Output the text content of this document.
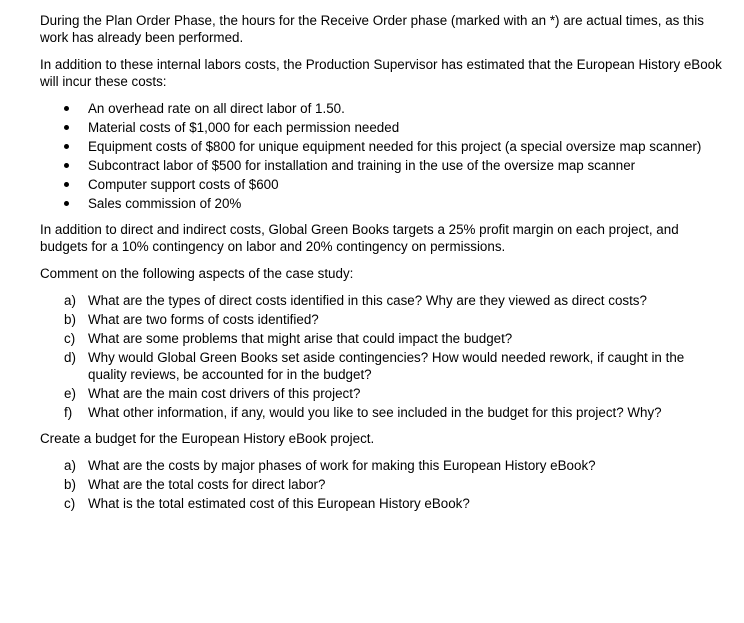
During the Plan Order Phase, the hours for the Receive Order phase (marked with an *) are actual times, as this work has already been performed.

In addition to these internal labors costs, the Production Supervisor has estimated that the European History eBook will incur these costs:

An overhead rate on all direct labor of 1.50.
Material costs of $1,000 for each permission needed
Equipment costs of $800 for unique equipment needed for this project (a special oversize map scanner)
Subcontract labor of $500 for installation and training in the use of the oversize map scanner
Computer support costs of $600
Sales commission of 20%

In addition to direct and indirect costs, Global Green Books targets a 25% profit margin on each project, and budgets for a 10% contingency on labor and 20% contingency on permissions.

Comment on the following aspects of the case study:

a) What are the types of direct costs identified in this case? Why are they viewed as direct costs?
b) What are two forms of costs identified?
c) What are some problems that might arise that could impact the budget?
d) Why would Global Green Books set aside contingencies? How would needed rework, if caught in the quality reviews, be accounted for in the budget?
e) What are the main cost drivers of this project?
f) What other information, if any, would you like to see included in the budget for this project? Why?

Create a budget for the European History eBook project.

a) What are the costs by major phases of work for making this European History eBook?
b) What are the total costs for direct labor?
c) What is the total estimated cost of this European History eBook?
